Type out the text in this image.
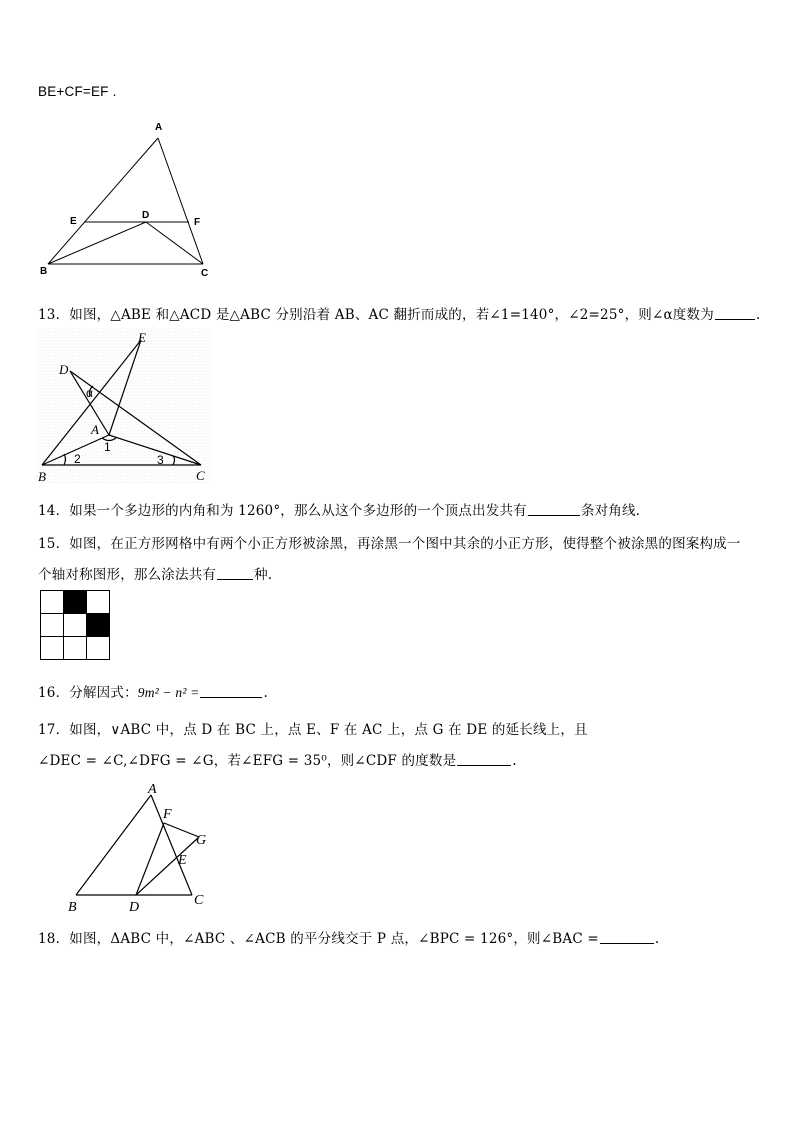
BE+CF=EF .
A
E
D
F
B	C
13．如图，△ABE 和△ACD 是△ABC 分别沿着 AB、AC 翻折而成的，若∠1=140°，∠2=25°，则∠α度数为	.
E
D
α
A
1
2	3
B	C
14．如果一个多边形的内角和为 1260°，那么从这个多边形的一个顶点出发共有	条对角线.
15．如图，在正方形网格中有两个小正方形被涂黑，再涂黑一个图中其余的小正方形，使得整个被涂黑的图案构成一
个轴对称图形，那么涂法共有	种.
16．分解因式：9m² − n² =	.
17．如图，∨ABC 中，点 D 在 BC 上，点 E、F 在 AC 上，点 G 在 DE 的延长线上，且
∠DEC = ∠C,∠DFG = ∠G，若∠EFG = 35⁰，则∠CDF 的度数是	.
A
F
G
E
B	D	C
18．如图，ΔABC 中，∠ABC 、∠ACB 的平分线交于 P 点，∠BPC = 126°，则∠BAC =	.
